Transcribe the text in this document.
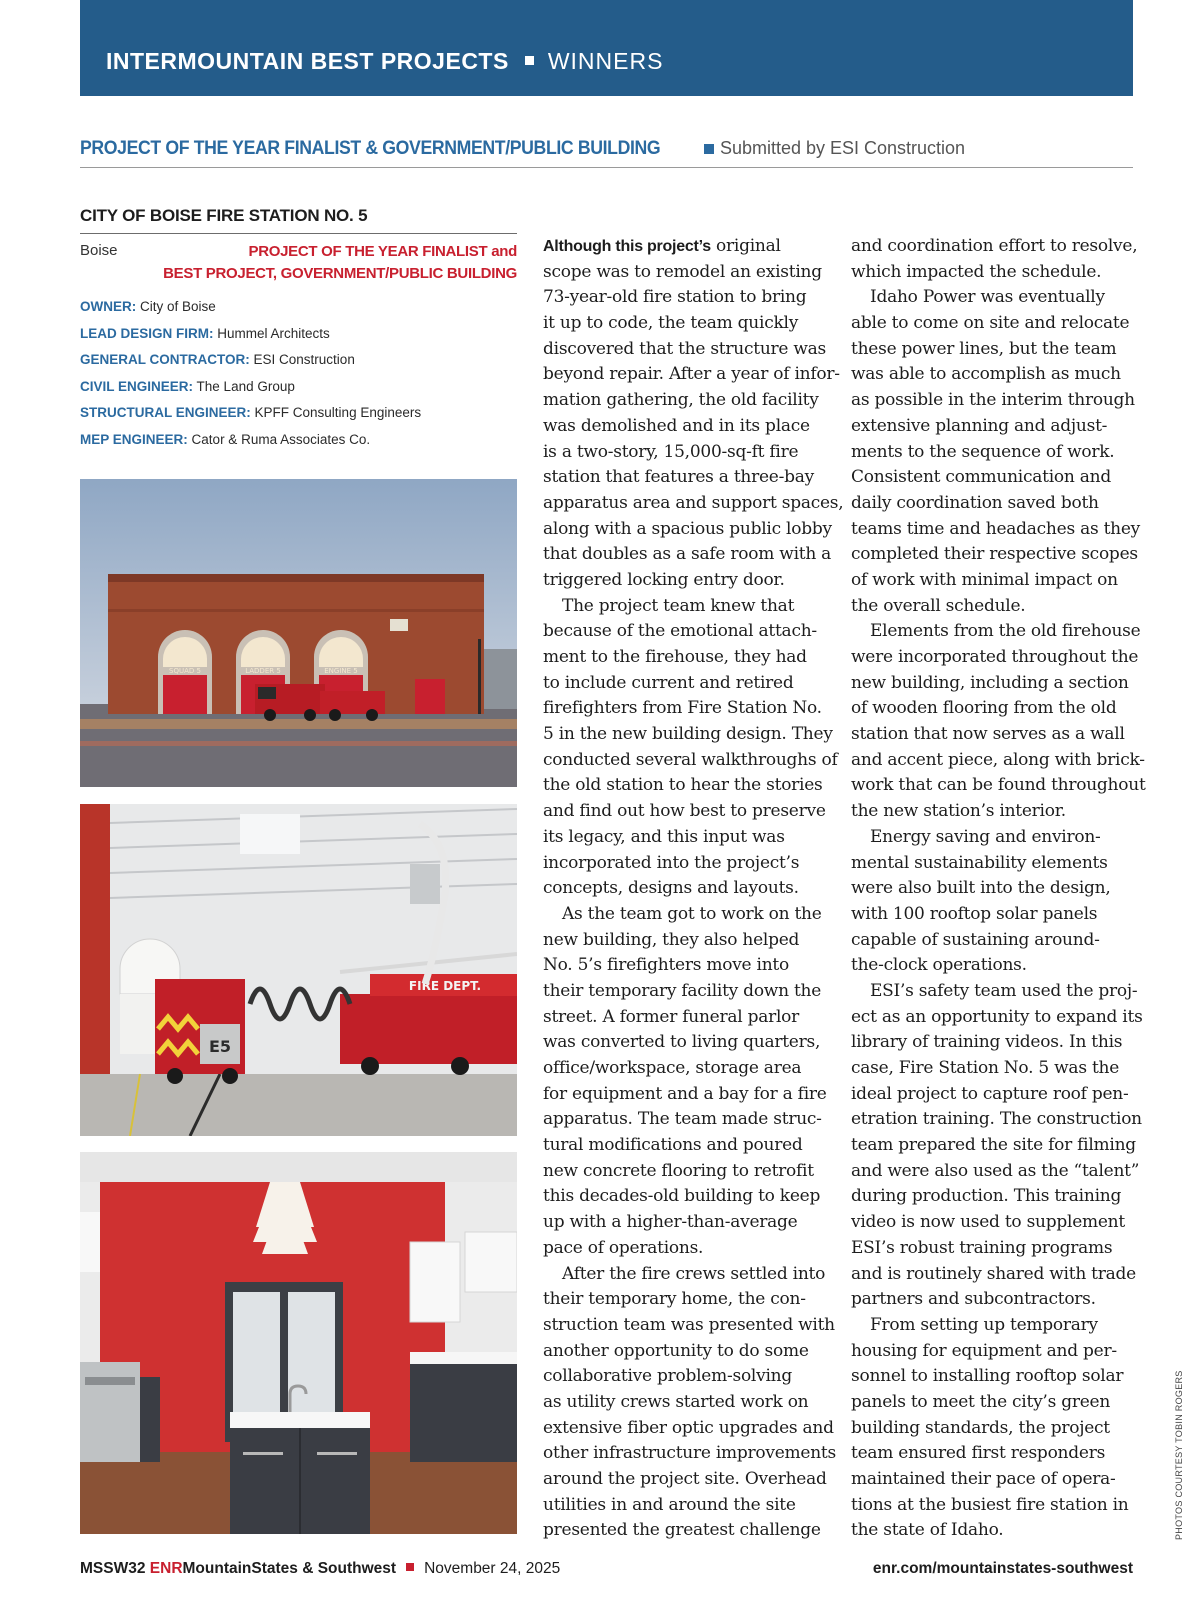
INTERMOUNTAIN BEST PROJECTS WINNERS
PROJECT OF THE YEAR FINALIST & GOVERNMENT/PUBLIC BUILDING	Submitted by ESI Construction
CITY OF BOISE FIRE STATION NO. 5
Boise	PROJECT OF THE YEAR FINALIST and
BEST PROJECT, GOVERNMENT/PUBLIC BUILDING
OWNER: City of Boise
LEAD DESIGN FIRM: Hummel Architects
GENERAL CONTRACTOR: ESI Construction
CIVIL ENGINEER: The Land Group
STRUCTURAL ENGINEER: KPFF Consulting Engineers
MEP ENGINEER: Cator & Ruma Associates Co.
SQUAD 5	LADDER 5	ENGINE 5
E5
FIRE DEPT.
Although this project’s original
scope was to remodel an existing
73-year-old fire station to bring
it up to code, the team quickly
discovered that the structure was
beyond repair. After a year of infor-
mation gathering, the old facility
was demolished and in its place
is a two-story, 15,000-sq-ft fire
station that features a three-bay
apparatus area and support spaces,
along with a spacious public lobby
that doubles as a safe room with a
triggered locking entry door.
The project team knew that
because of the emotional attach-
ment to the firehouse, they had
to include current and retired
firefighters from Fire Station No.
5 in the new building design. They
conducted several walkthroughs of
the old station to hear the stories
and find out how best to preserve
its legacy, and this input was
incorporated into the project’s
concepts, designs and layouts.
As the team got to work on the
new building, they also helped
No. 5’s firefighters move into
their temporary facility down the
street. A former funeral parlor
was converted to living quarters,
office/workspace, storage area
for equipment and a bay for a fire
apparatus. The team made struc-
tural modifications and poured
new concrete flooring to retrofit
this decades-old building to keep
up with a higher-than-average
pace of operations.
After the fire crews settled into
their temporary home, the con-
struction team was presented with
another opportunity to do some
collaborative problem-solving
as utility crews started work on
extensive fiber optic upgrades and
other infrastructure improvements
around the project site. Overhead
utilities in and around the site
presented the greatest challenge
and coordination effort to resolve,
which impacted the schedule.
Idaho Power was eventually
able to come on site and relocate
these power lines, but the team
was able to accomplish as much
as possible in the interim through
extensive planning and adjust-
ments to the sequence of work.
Consistent communication and
daily coordination saved both
teams time and headaches as they
completed their respective scopes
of work with minimal impact on
the overall schedule.
Elements from the old firehouse
were incorporated throughout the
new building, including a section
of wooden flooring from the old
station that now serves as a wall
and accent piece, along with brick-
work that can be found throughout
the new station’s interior.
Energy saving and environ-
mental sustainability elements
were also built into the design,
with 100 rooftop solar panels
capable of sustaining around-
the-clock operations.
ESI’s safety team used the proj-
ect as an opportunity to expand its
library of training videos. In this
case, Fire Station No. 5 was the
ideal project to capture roof pen-
etration training. The construction
team prepared the site for filming
and were also used as the “talent”
during production. This training
video is now used to supplement
ESI’s robust training programs
and is routinely shared with trade
partners and subcontractors.
From setting up temporary
housing for equipment and per-
sonnel to installing rooftop solar
panels to meet the city’s green
building standards, the project
team ensured first responders
maintained their pace of opera-
tions at the busiest fire station in
the state of Idaho.	PHOTOS COURTESY TOBIN ROGERS
MSSW32 ENRMountainStates & Southwest November 24, 2025	enr.com/mountainstates-southwest
